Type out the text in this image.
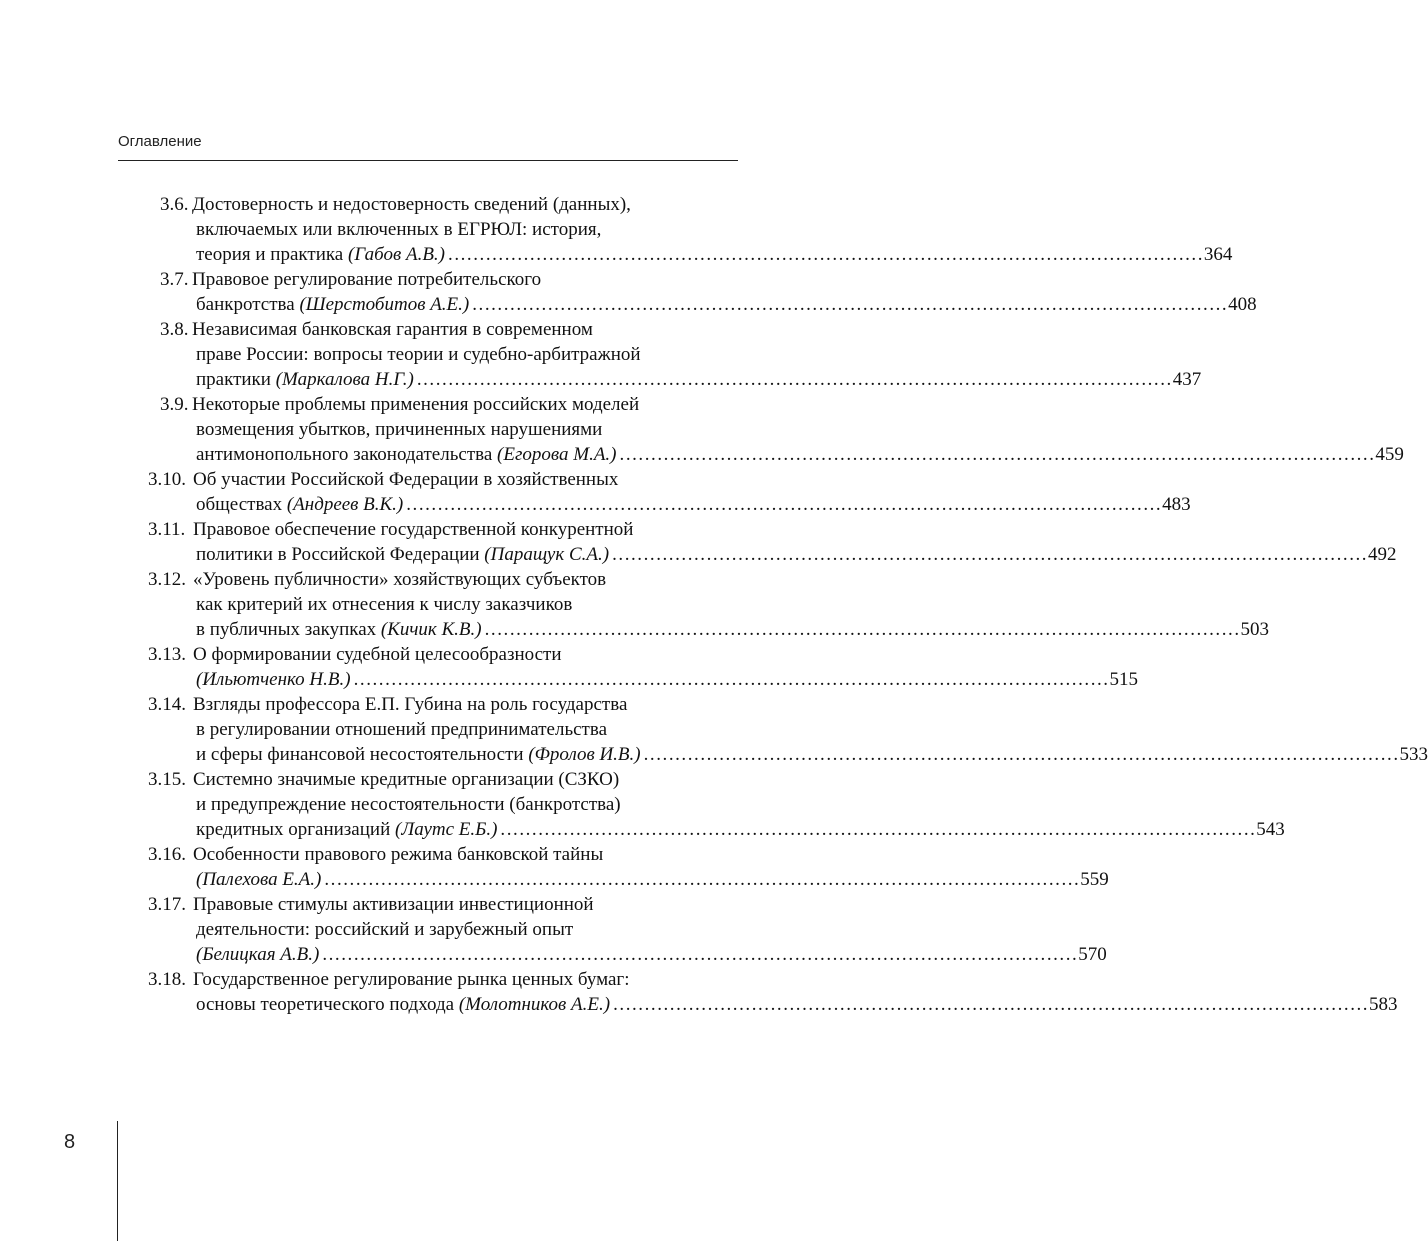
Оглавление
3.6. Достоверность и недостоверность сведений (данных),
включаемых или включенных в ЕГРЮЛ: история,
теория и практика (Габов А.В.) . . .	364
3.7. Правовое регулирование потребительского
банкротства (Шерстобитов А.Е.) . . .	408
3.8. Независимая банковская гарантия в современном
праве России: вопросы теории и судебно-арбитражной
практики (Маркалова Н.Г.) . . .	437
3.9. Некоторые проблемы применения российских моделей
возмещения убытков, причиненных нарушениями
антимонопольного законодательства (Егорова М.А.) . . .	459
3.10. Об участии Российской Федерации в хозяйственных
обществах (Андреев В.К.) . . .	483
3.11. Правовое обеспечение государственной конкурентной
политики в Российской Федерации (Паращук С.А.) . . .	492
3.12. «Уровень публичности» хозяйствующих субъектов
как критерий их отнесения к числу заказчиков
в публичных закупках (Кичик К.В.) . . .	503
3.13. О формировании судебной целесообразности
(Ильютченко Н.В.) . . .	515
3.14. Взгляды профессора Е.П. Губина на роль государства
в регулировании отношений предпринимательства
и сферы финансовой несостоятельности (Фролов И.В.) . . .	533
3.15. Системно значимые кредитные организации (СЗКО)
и предупреждение несостоятельности (банкротства)
кредитных организаций (Лаутс Е.Б.) . . .	543
3.16. Особенности правового режима банковской тайны
(Палехова Е.А.) . . .	559
3.17. Правовые стимулы активизации инвестиционной
деятельности: российский и зарубежный опыт
(Белицкая А.В.) . . .	570
3.18. Государственное регулирование рынка ценных бумаг:
основы теоретического подхода (Молотников А.Е.) . . .	583
8
